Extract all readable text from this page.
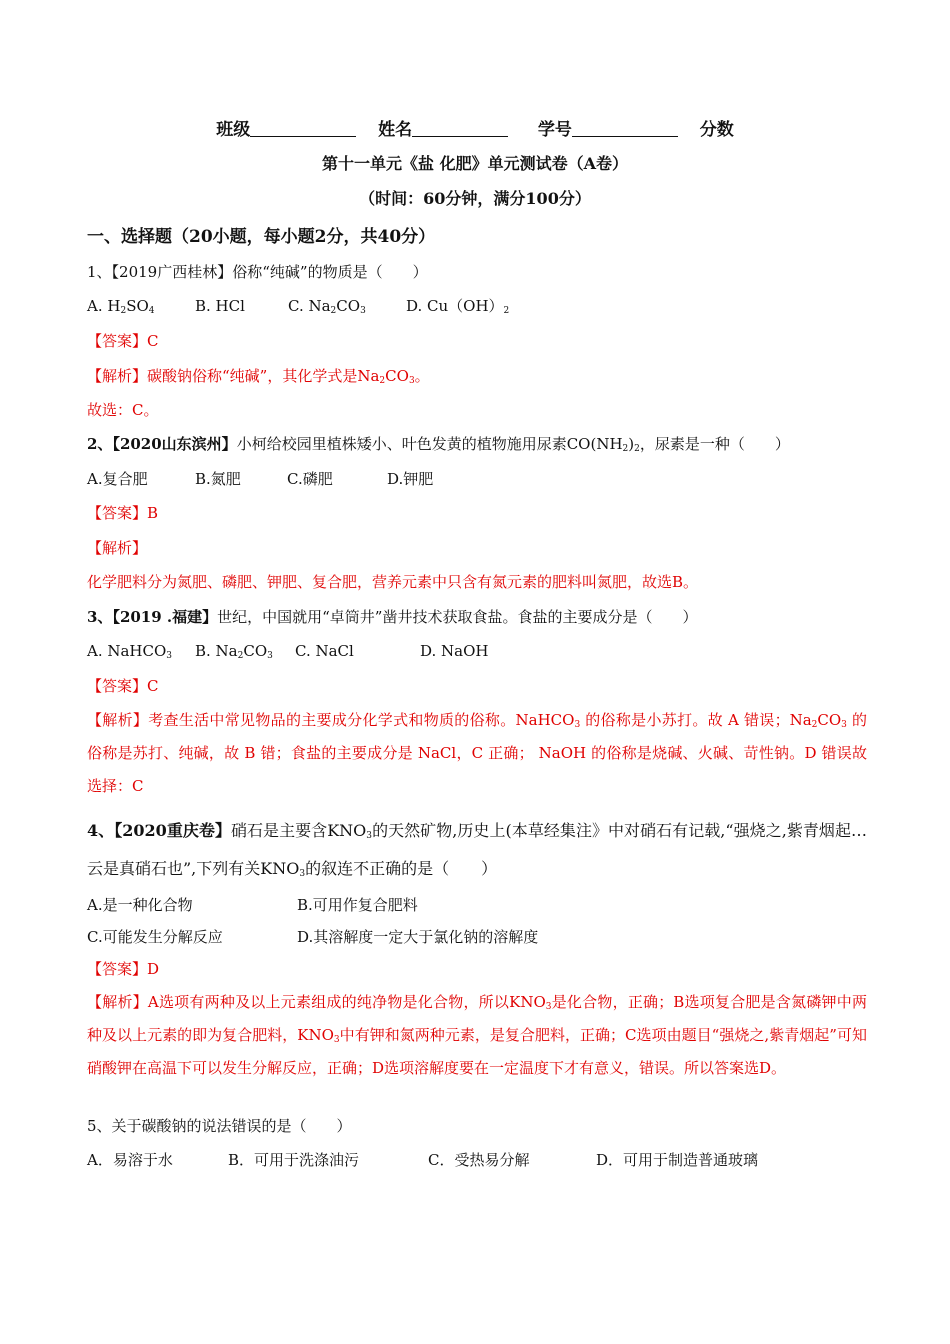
班级	姓名	学号	分数
第十一单元《盐 化肥》单元测试卷（A卷）
（时间：60分钟，满分100分）
一、选择题（20小题，每小题2分，共40分）
1、【2019广西桂林】俗称“纯碱”的物质是（　　）
A. $H_2SO_4$	B. HCl	C. $Na_2CO_3$	D. $Cu(OH)_2$
【答案】C
【解析】碳酸钠俗称“纯碱”，其化学式是$Na_2CO_3$。
故选：C。
2、【2020山东滨州】小柯给校园里植株矮小、叶色发黄的植物施用尿素$CO(NH_2)_2$，尿素是一种（　　）
A.复合肥	B.氮肥	C.磷肥	D.钾肥
【答案】B
【解析】
化学肥料分为氮肥、磷肥、钾肥、复合肥，营养元素中只含有氮元素的肥料叫氮肥，故选B。
3、【2019 .福建】世纪，中国就用“卓筒井”凿井技术获取食盐。食盐的主要成分是（　　）
A. NaHCO$_3$ B. $Na_2CO_3$ C. NaCl	D. NaOH
【答案】C
【解析】考查生活中常见物品的主要成分化学式和物质的俗称。NaHCO$_3$ 的俗称是小苏打。故 A 错误；$Na_2CO_3$ 的俗称是苏打、纯碱，故 B 错；食盐的主要成分是 NaCl，C 正确； NaOH 的俗称是烧碱、火碱、苛性钠。D 错误故选择：C
4、【2020重庆卷】硝石是主要含$KNO_3$的天然矿物,历史上(本草经集注》中对硝石有记载,“强烧之,紫青烟起…云是真硝石也”,下列有关$KNO_3$的叙连不正确的是（　　）
A.是一种化合物	B.可用作复合肥料
C.可能发生分解反应	D.其溶解度一定大于氯化钠的溶解度
【答案】D
【解析】A选项有两种及以上元素组成的纯净物是化合物，所以$KNO_3$是化合物，正确；B选项复合肥是含氮磷钾中两种及以上元素的即为复合肥料，$KNO_3$中有钾和氮两种元素，是复合肥料，正确；C选项由题目“强烧之,紫青烟起”可知硝酸钾在高温下可以发生分解反应，正确；D选项溶解度要在一定温度下才有意义，错误。所以答案选D。
5、关于碳酸钠的说法错误的是（　　）
A．易溶于水	B．可用于洗涤油污	C．受热易分解	D．可用于制造普通玻璃
